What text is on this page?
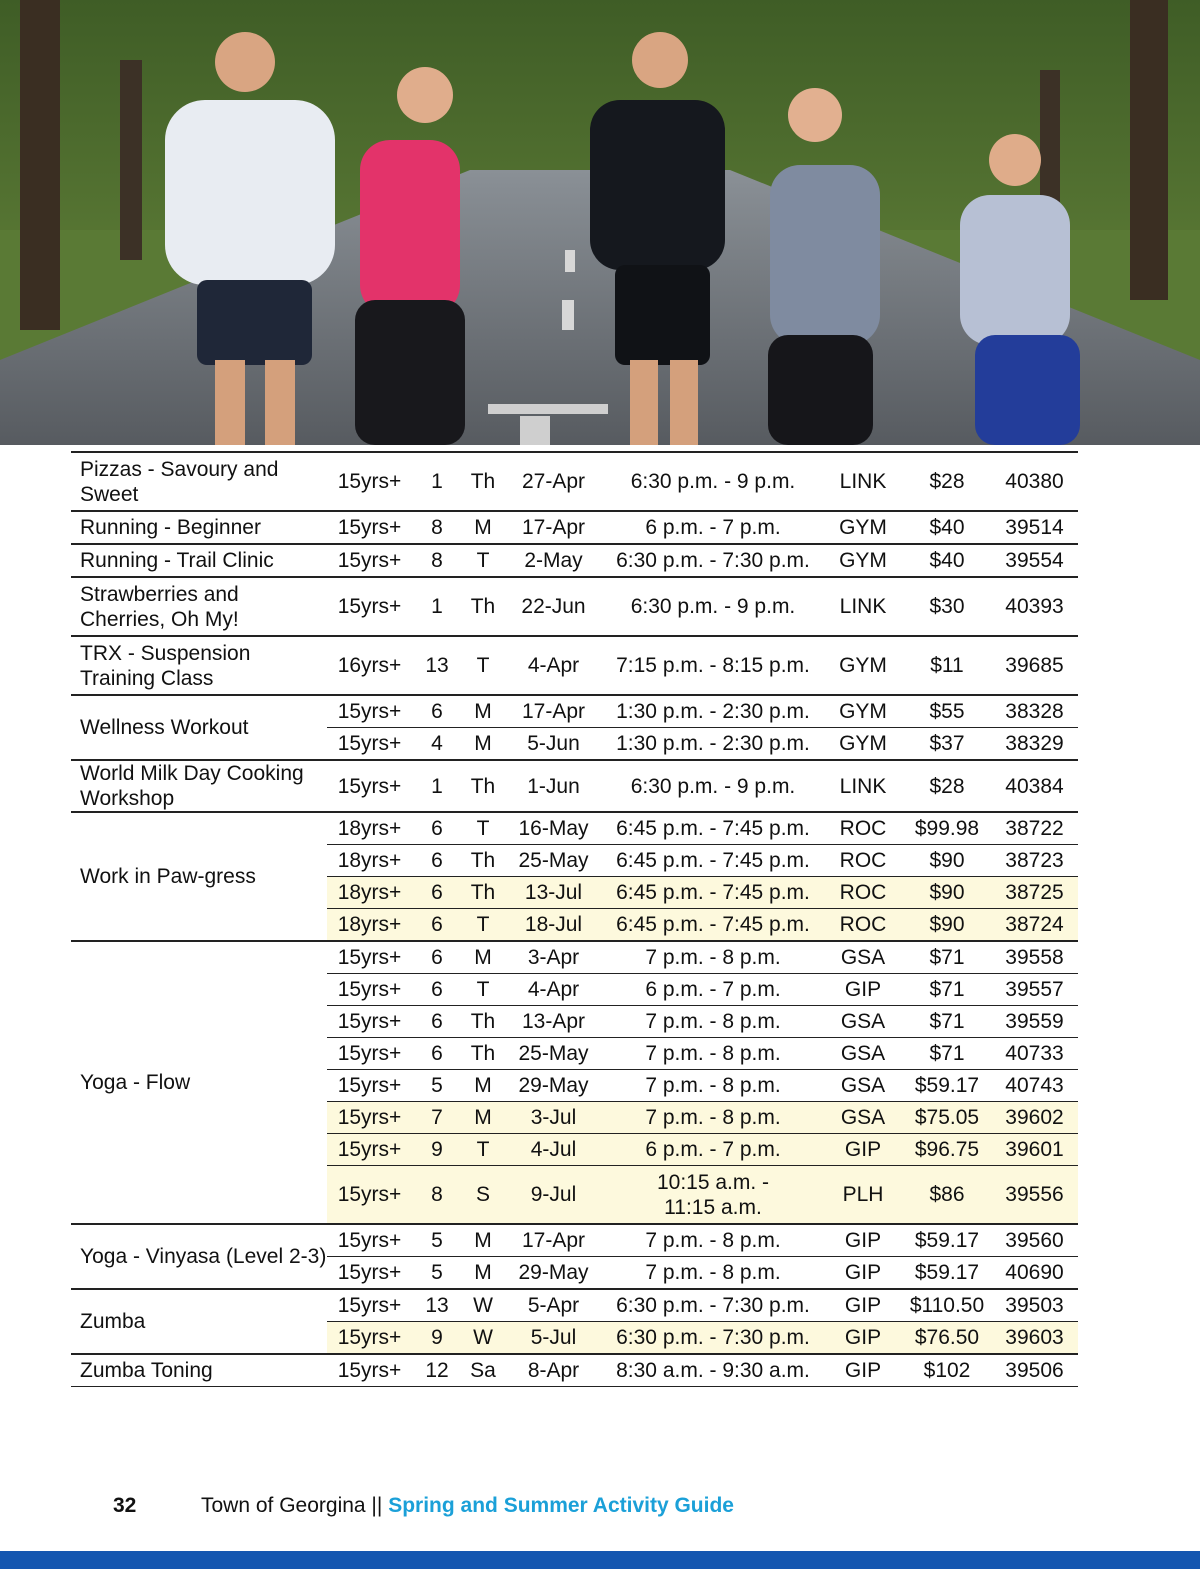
Pizzas - Savoury and Sweet	15yrs+	1	Th	27-Apr	6:30 p.m. - 9 p.m.	LINK	$28	40380
Running - Beginner	15yrs+	8	M	17-Apr	6 p.m. - 7 p.m.	GYM	$40	39514
Running - Trail Clinic	15yrs+	8	T	2-May	6:30 p.m. - 7:30 p.m.	GYM	$40	39554
Strawberries and Cherries, Oh My!	15yrs+	1	Th	22-Jun	6:30 p.m. - 9 p.m.	LINK	$30	40393
TRX - Suspension Training Class	16yrs+	13	T	4-Apr	7:15 p.m. - 8:15 p.m.	GYM	$11	39685
Wellness Workout	15yrs+	6	M	17-Apr	1:30 p.m. - 2:30 p.m.	GYM	$55	38328
	15yrs+	4	M	5-Jun	1:30 p.m. - 2:30 p.m.	GYM	$37	38329
World Milk Day Cooking Workshop	15yrs+	1	Th	1-Jun	6:30 p.m. - 9 p.m.	LINK	$28	40384
Work in Paw-gress	18yrs+	6	T	16-May	6:45 p.m. - 7:45 p.m.	ROC	$99.98	38722
	18yrs+	6	Th	25-May	6:45 p.m. - 7:45 p.m.	ROC	$90	38723
	18yrs+	6	Th	13-Jul	6:45 p.m. - 7:45 p.m.	ROC	$90	38725
	18yrs+	6	T	18-Jul	6:45 p.m. - 7:45 p.m.	ROC	$90	38724
Yoga - Flow	15yrs+	6	M	3-Apr	7 p.m. - 8 p.m.	GSA	$71	39558
	15yrs+	6	T	4-Apr	6 p.m. - 7 p.m.	GIP	$71	39557
	15yrs+	6	Th	13-Apr	7 p.m. - 8 p.m.	GSA	$71	39559
	15yrs+	6	Th	25-May	7 p.m. - 8 p.m.	GSA	$71	40733
	15yrs+	5	M	29-May	7 p.m. - 8 p.m.	GSA	$59.17	40743
	15yrs+	7	M	3-Jul	7 p.m. - 8 p.m.	GSA	$75.05	39602
	15yrs+	9	T	4-Jul	6 p.m. - 7 p.m.	GIP	$96.75	39601
	15yrs+	8	S	9-Jul	10:15 a.m. - 11:15 a.m.	PLH	$86	39556
Yoga - Vinyasa (Level 2-3)	15yrs+	5	M	17-Apr	7 p.m. - 8 p.m.	GIP	$59.17	39560
	15yrs+	5	M	29-May	7 p.m. - 8 p.m.	GIP	$59.17	40690
Zumba	15yrs+	13	W	5-Apr	6:30 p.m. - 7:30 p.m.	GIP	$110.50	39503
	15yrs+	9	W	5-Jul	6:30 p.m. - 7:30 p.m.	GIP	$76.50	39603
Zumba Toning	15yrs+	12	Sa	8-Apr	8:30 a.m. - 9:30 a.m.	GIP	$102	39506
32	Town of Georgina || Spring and Summer Activity Guide
